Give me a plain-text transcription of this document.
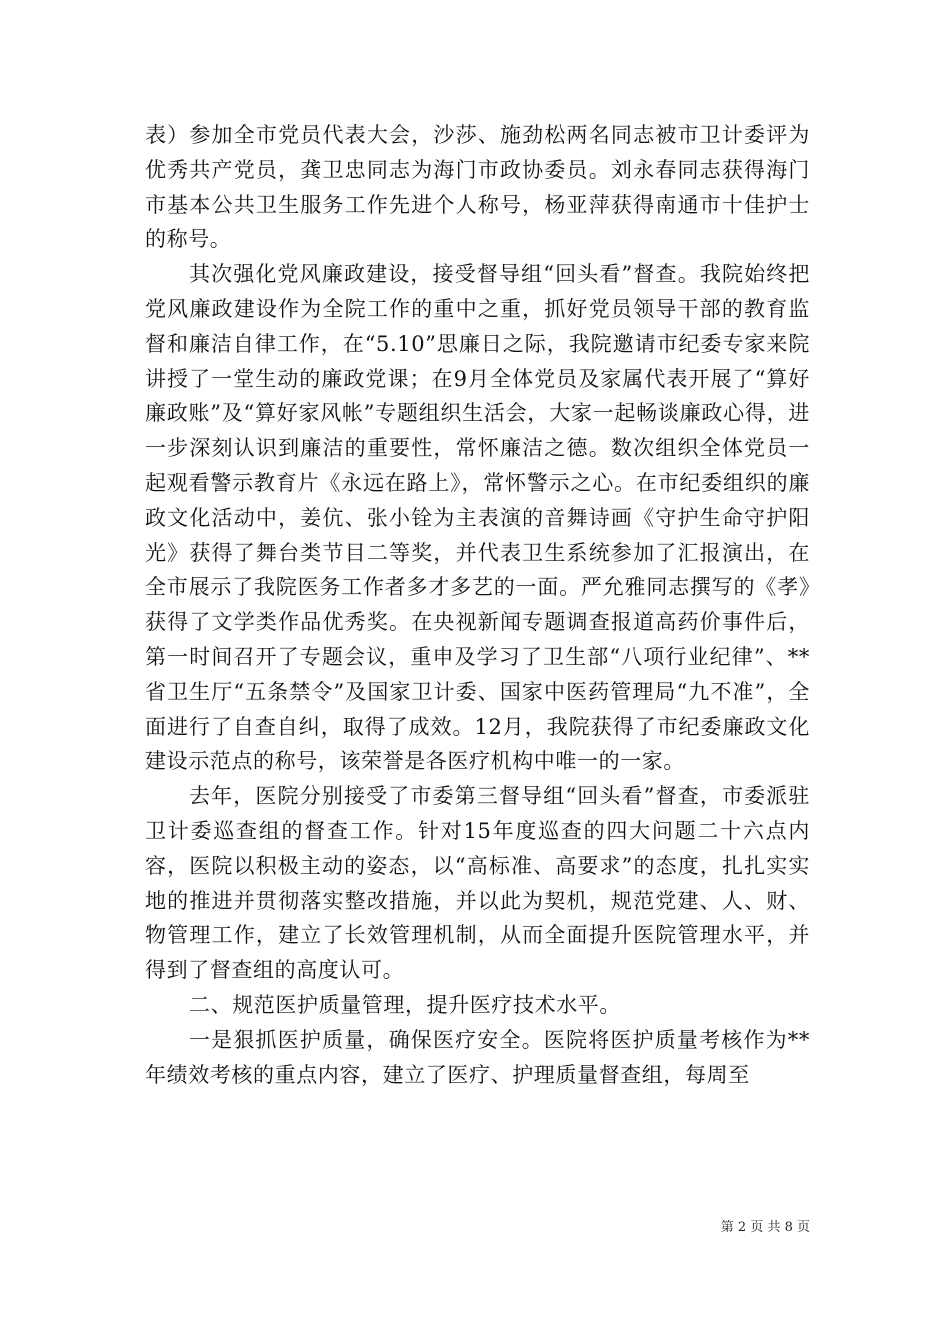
表）参加全市党员代表大会，沙莎、施劲松两名同志被市卫计委评为优秀共产党员，龚卫忠同志为海门市政协委员。刘永春同志获得海门市基本公共卫生服务工作先进个人称号，杨亚萍获得南通市十佳护士的称号。

其次强化党风廉政建设，接受督导组“回头看”督查。我院始终把党风廉政建设作为全院工作的重中之重，抓好党员领导干部的教育监督和廉洁自律工作，在“5.10”思廉日之际，我院邀请市纪委专家来院讲授了一堂生动的廉政党课；在9月全体党员及家属代表开展了“算好廉政账”及“算好家风帐”专题组织生活会，大家一起畅谈廉政心得，进一步深刻认识到廉洁的重要性，常怀廉洁之德。数次组织全体党员一起观看警示教育片《永远在路上》，常怀警示之心。在市纪委组织的廉政文化活动中，姜伉、张小铨为主表演的音舞诗画《守护生命守护阳光》获得了舞台类节目二等奖，并代表卫生系统参加了汇报演出，在全市展示了我院医务工作者多才多艺的一面。严允雅同志撰写的《孝》获得了文学类作品优秀奖。在央视新闻专题调查报道高药价事件后，第一时间召开了专题会议，重申及学习了卫生部“八项行业纪律”、**省卫生厅“五条禁令”及国家卫计委、国家中医药管理局“九不准”，全面进行了自查自纠，取得了成效。12月，我院获得了市纪委廉政文化建设示范点的称号，该荣誉是各医疗机构中唯一的一家。

去年，医院分别接受了市委第三督导组“回头看”督查，市委派驻卫计委巡查组的督查工作。针对15年度巡查的四大问题二十六点内容，医院以积极主动的姿态，以“高标准、高要求”的态度，扎扎实实地的推进并贯彻落实整改措施，并以此为契机，规范党建、人、财、物管理工作，建立了长效管理机制，从而全面提升医院管理水平，并得到了督查组的高度认可。

二、规范医护质量管理，提升医疗技术水平。

一是狠抓医护质量，确保医疗安全。医院将医护质量考核作为**年绩效考核的重点内容，建立了医疗、护理质量督查组，每周至

第 2 页 共 8 页
